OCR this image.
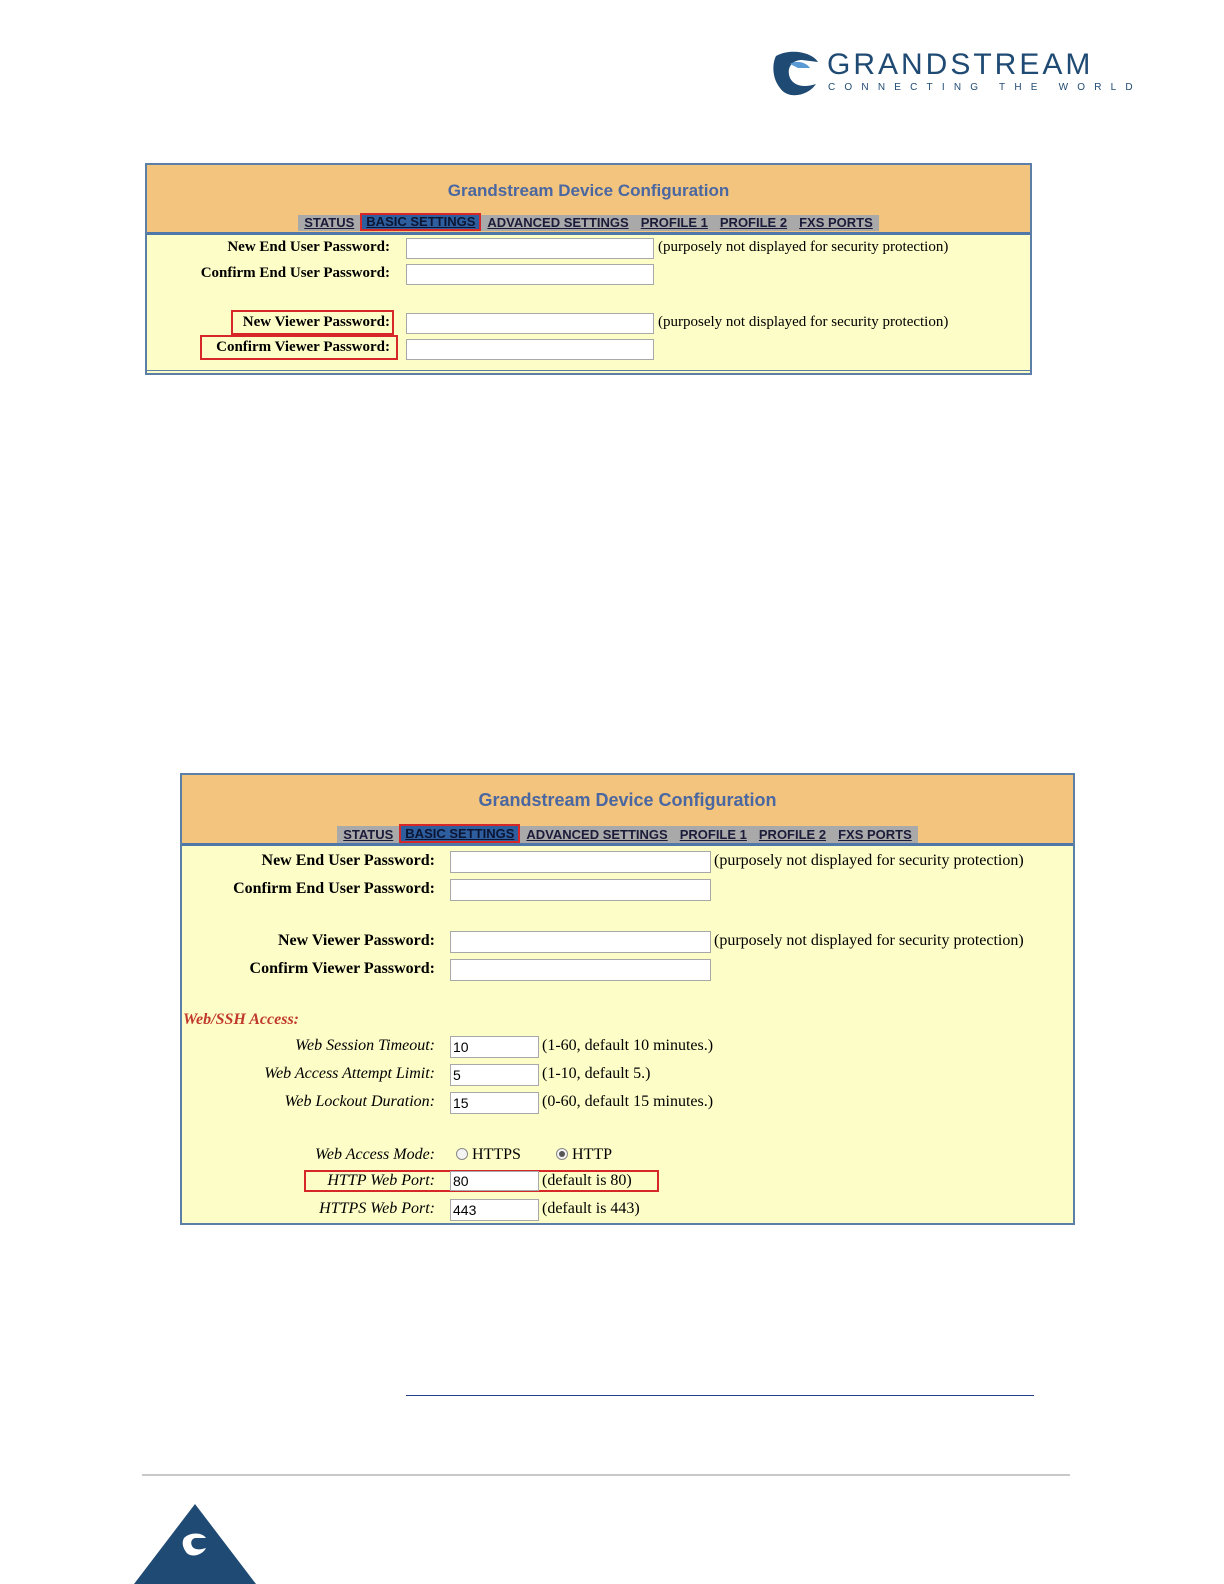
GRANDSTREAM
CONNECTING THE WORLD
Grandstream Device Configuration
STATUS BASIC SETTINGS ADVANCED SETTINGS PROFILE 1 PROFILE 2 FXS PORTS
New End User Password:	(purposely not displayed for security protection)
Confirm End User Password:
New Viewer Password:	(purposely not displayed for security protection)
Confirm Viewer Password:
Grandstream Device Configuration
STATUS BASIC SETTINGS ADVANCED SETTINGS PROFILE 1 PROFILE 2 FXS PORTS
New End User Password:	(purposely not displayed for security protection)
Confirm End User Password:
New Viewer Password:	(purposely not displayed for security protection)
Confirm Viewer Password:
Web/SSH Access:
Web Session Timeout: 10	(1-60, default 10 minutes.)
Web Access Attempt Limit: 5	(1-10, default 5.)
Web Lockout Duration: 15	(0-60, default 15 minutes.)
Web Access Mode: HTTPS	HTTP
HTTP Web Port: 80	(default is 80)
HTTPS Web Port: 443	(default is 443)
